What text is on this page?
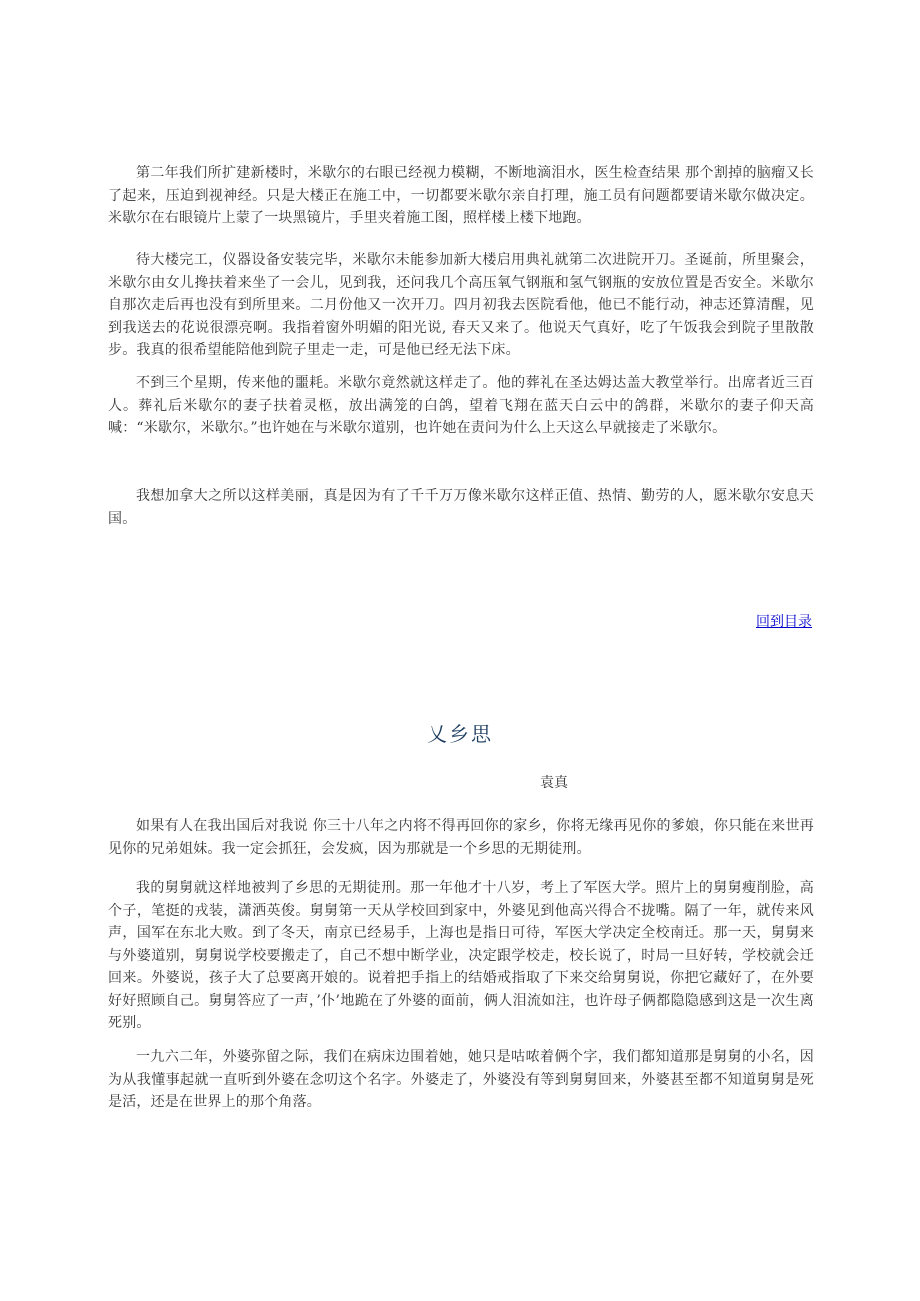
第二年我们所扩建新楼时，米歇尔的右眼已经视力模糊，不断地滴泪水，医生检查结果 那个割掉的脑瘤又长了起来，压迫到视神经。只是大楼正在施工中，一切都要米歇尔亲自打理，施工员有问题都要请米歇尔做决定。米歇尔在右眼镜片上蒙了一块黑镜片，手里夹着施工图，照样楼上楼下地跑。

待大楼完工，仪器设备安装完毕，米歇尔未能参加新大楼启用典礼就第二次进院开刀。圣诞前，所里聚会，米歇尔由女儿搀扶着来坐了一会儿，见到我，还问我几个高压氧气钢瓶和氢气钢瓶的安放位置是否安全。米歇尔自那次走后再也没有到所里来。二月份他又一次开刀。四月初我去医院看他，他已不能行动，神志还算清醒，见到我送去的花说很漂亮啊。我指着窗外明媚的阳光说, 春天又来了。他说天气真好，吃了午饭我会到院子里散散步。我真的很希望能陪他到院子里走一走，可是他已经无法下床。

不到三个星期，传来他的噩耗。米歇尔竟然就这样走了。他的葬礼在圣达姆达盖大教堂举行。出席者近三百人。葬礼后米歇尔的妻子扶着灵柩，放出满笼的白鸽，望着飞翔在蓝天白云中的鸽群，米歇尔的妻子仰天高喊：“米歇尔，米歇尔。”也许她在与米歇尔道别，也许她在责问为什么上天这么早就接走了米歇尔。

我想加拿大之所以这样美丽，真是因为有了千千万万像米歇尔这样正值、热情、勤劳的人，愿米歇尔安息天国。

回到目录
乂乡思
袁真

如果有人在我出国后对我说 你三十八年之内将不得再回你的家乡，你将无缘再见你的爹娘，你只能在来世再见你的兄弟姐妹。我一定会抓狂，会发疯，因为那就是一个乡思的无期徒刑。

我的舅舅就这样地被判了乡思的无期徒刑。那一年他才十八岁，考上了军医大学。照片上的舅舅瘦削脸，高个子，笔挺的戎装，潇洒英俊。舅舅第一天从学校回到家中，外婆见到他高兴得合不拢嘴。隔了一年，就传来风声，国军在东北大败。到了冬天，南京已经易手，上海也是指日可待，军医大学决定全校南迁。那一天，舅舅来与外婆道别，舅舅说学校要搬走了，自己不想中断学业，决定跟学校走，校长说了，时局一旦好转，学校就会迁回来。外婆说，孩子大了总要离开娘的。说着把手指上的结婚戒指取了下来交给舅舅说，你把它藏好了，在外要好好照顾自己。舅舅答应了一声，’仆’地跪在了外婆的面前，俩人泪流如注，也许母子俩都隐隐感到这是一次生离死别。

一九六二年，外婆弥留之际，我们在病床边围着她，她只是咕哝着俩个字，我们都知道那是舅舅的小名，因为从我懂事起就一直听到外婆在念叨这个名字。外婆走了，外婆没有等到舅舅回来，外婆甚至都不知道舅舅是死是活，还是在世界上的那个角落。
